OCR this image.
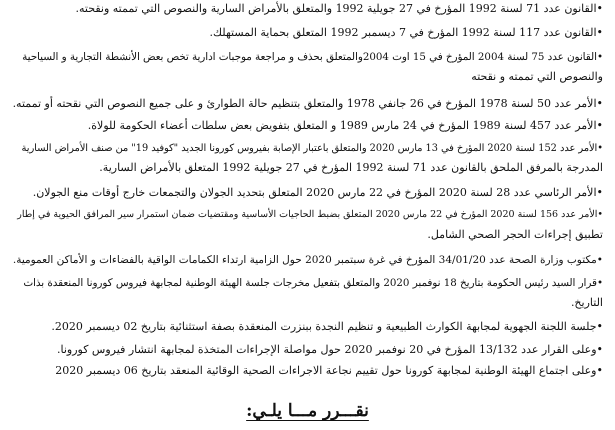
•القانون عدد 71 لسنة 1992 المؤرخ في 27 جويلية 1992 والمتعلق بالأمراض السارية والنصوص التي تممته ونقحته.
•القانون عدد 117 لسنة 1992 المؤرخ في 7 ديسمبر 1992 المتعلق بحماية المستهلك.
•القانون عدد 75 لسنة 2004 المؤرخ في 15 اوت 2004والمتعلق بحذف و مراجعة موجبات ادارية تخص بعض الأنشطة التجارية و السياحية
والنصوص التي تممته و نقحته
•الأمر عدد 50 لسنة 1978 المؤرخ في 26 جانفي 1978 والمتعلق بتنظيم حالة الطوارئ و على جميع النصوص التي نقحته أو تممته.
•الأمر عدد 457 لسنة 1989 المؤرخ في 24 مارس 1989 و المتعلق بتفويض بعض سلطات أعضاء الحكومة للولاة.
•الأمر عدد 152 لسنة 2020 المؤرخ في 13 مارس 2020 والمتعلق باعتبار الإصابة بفيروس كورونا الجديد "كوفيد 19" من صنف الأمراض السارية
المدرجة بالمرفق الملحق بالقانون عدد 71 لسنة 1992 المؤرخ في 27 جويلية 1992 المتعلق بالأمراض السارية.
•الأمر الرئاسي عدد 28 لسنة 2020 المؤرخ في 22 مارس 2020 المتعلق بتحديد الجولان والتجمعات خارج أوقات منع الجولان.
•الأمر عدد 156 لسنة 2020 المؤرخ في 22 مارس 2020 المتعلق بضبط الحاجيات الأساسية ومقتضيات ضمان استمرار سير المرافق الحيوية في إطار
تطبيق إجراءات الحجر الصحي الشامل.
•مكتوب وزارة الصحة عدد 34/01/20 المؤرخ في غرة سبتمبر 2020 حول الزامية ارتداء الكمامات الواقية بالفضاءات و الأماكن العمومية.
•قرار السيد رئيس الحكومة بتاريخ 18 نوفمبر 2020 والمتعلق بتفعيل مخرجات جلسة الهيئة الوطنية لمجابهة فيروس كورونا المنعقدة بذات
التاريخ.
•جلسة اللجنة الجهوية لمجابهة الكوارث الطبيعية و تنظيم النجدة ببنزرت المنعقدة بصفة استثنائية بتاريخ 02 ديسمبر 2020.
•وعلى القرار عدد 13/132 المؤرخ في 20 نوفمبر 2020 حول مواصلة الإجراءات المتخذة لمجابهة انتشار فيروس كورونا.
•وعلى اجتماع الهيئة الوطنية لمجابهة كورونا حول تقييم نجاعة الاجراءات الصحية الوقائية المنعقد بتاريخ 06 ديسمبر 2020
نقـــرر مـــا يلـي:
